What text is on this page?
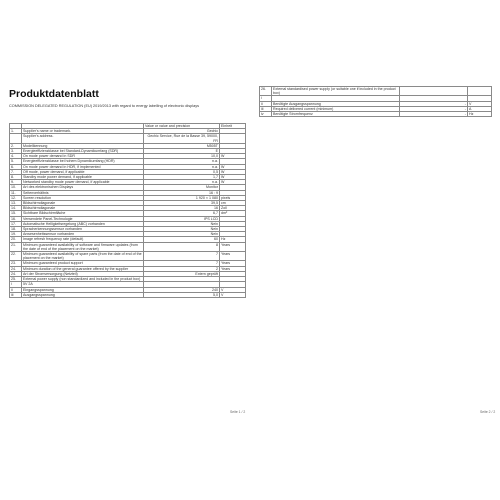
Produktdatenblatt
COMMISSION DELEGATED REGULATION (EU) 2019/2013 with regard to energy labelling of electronic displays
		Value or value and precision	Einheit
1.	Supplier's name or trademark.	Gechic	
	Supplier's address.	Gechic Service, Rue de la Basse 39, 59000, FR	
2.	Modellkennung	M505T	
3.	Energieeffizienzklasse bei Standard-Dynamikumfang (SDR)	E	
4.	On mode power demand in SDR	10,0	W
5.	Energieeffizienzklasse bei hohem Dynamikumfang (HDR)	n.a.	
6.	On mode power demand in HDR, if implemented	n.a.	W
7.	Off mode, power demand, if applicable	0,5	W
8.	Standby mode power demand, if applicable	1,7	W
9.	Networked standby mode power demand, if applicable	n.a.	W
10.	Art des elektronischen Displays	Monitor	
11.	Seitenverhältnis	16 : 9	
12.	Screen resolution	1 920 × 1 080	pixels
13.	Bildschirmdiagonale	39,5	cm
14.	Bildschirmdiagonale	16	Zoll
15.	Sichtbare Bildschirmfläche	6,7	dm²
16.	Verwendete Panel-Technologie	IPS LCD	
17.	Automatische Helligkeitsregelung (ABC) vorhanden	Nein	
18.	Spracherkennungssensor vorhanden	Nein	
19.	Anwesenheitssensor vorhanden	Nein	
20.	Image refresh frequency rate (default)	60	Hz
21.	Minimum guaranteed availability of software and firmware updates (from the date of end of the placement on the market)	8	Years
22.	Minimum guaranteed availability of spare parts (from the date of end of the placement on the market)	7	Years
23.	Minimum guaranteed product support	7	Years
24.	Minimum duration of the general guarantee offered by the supplier	2	Years
24.	Art der Stromversorgung (Netzteil)	Extern geprüft	
25.	External power supply (non standardized and included in the product box)		
i	5V 2A		
ii	Eingangsspannung	240	V
iii	Ausgangsspannung	5,0	V
Seite 1 / 2
26.	External standardised power supply (or suitable one if included in the product box)		
i			
ii	Benötigte Ausgangsspannung	-	V
iii	Required delivered current (minimum)	-	A
iv	Benötigte Stromfrequenz	-	Hz
Seite 2 / 2
